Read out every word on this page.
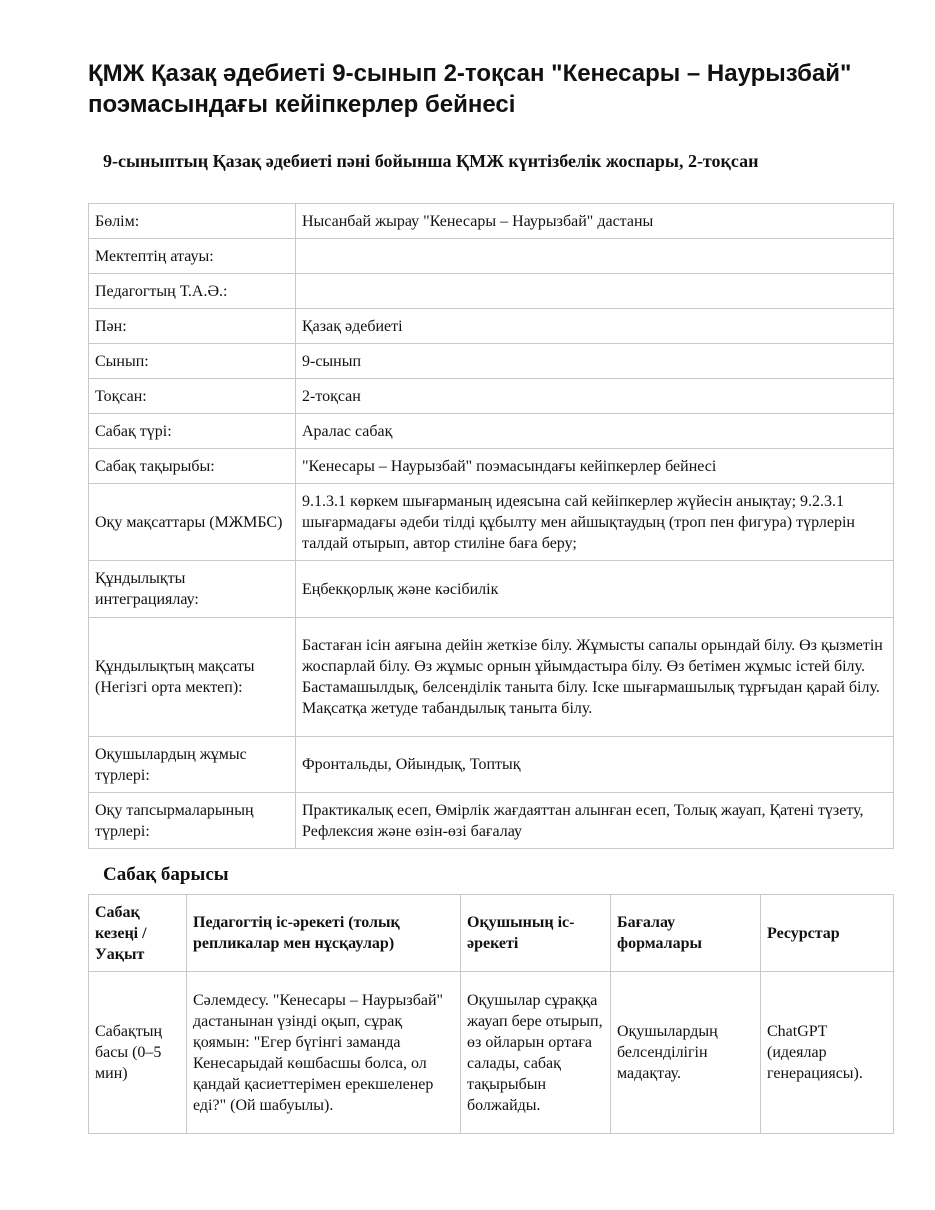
ҚМЖ Қазақ әдебиеті 9-сынып 2-тоқсан "Кенесары – Наурызбай" поэмасындағы кейіпкерлер бейнесі
9-сыныптың Қазақ әдебиеті пәні бойынша ҚМЖ күнтізбелік жоспары, 2-тоқсан
Бөлім:	Нысанбай жырау "Кенесары – Наурызбай" дастаны
Мектептің атауы:	
Педагогтың Т.А.Ә.:	
Пән:	Қазақ әдебиеті
Сынып:	9-сынып
Тоқсан:	2-тоқсан
Сабақ түрі:	Аралас сабақ
Сабақ тақырыбы:	"Кенесары – Наурызбай" поэмасындағы кейіпкерлер бейнесі
Оқу мақсаттары (МЖМБС)	9.1.3.1 көркем шығарманың идеясына сай кейіпкерлер жүйесін анықтау; 9.2.3.1 шығармадағы әдеби тілді құбылту мен айшықтаудың (троп пен фигура) түрлерін талдай отырып, автор стиліне баға беру;
Құндылықты интеграциялау:	Еңбекқорлық және кәсібилік
Құндылықтың мақсаты (Негізгі орта мектеп):	Бастаған ісін аяғына дейін жеткізе білу. Жұмысты сапалы орындай білу. Өз қызметін жоспарлай білу. Өз жұмыс орнын ұйымдастыра білу. Өз бетімен жұмыс істей білу. Бастамашылдық, белсенділік таныта білу. Іске шығармашылық тұрғыдан қарай білу. Мақсатқа жетуде табандылық таныта білу.
Оқушылардың жұмыс түрлері:	Фронтальды, Ойындық, Топтық
Оқу тапсырмаларының түрлері:	Практикалық есеп, Өмірлік жағдаяттан алынған есеп, Толық жауап, Қатені түзету, Рефлексия және өзін-өзі бағалау
Сабақ барысы
Сабақ кезеңі / Уақыт	Педагогтің іс-әрекеті (толық репликалар мен нұсқаулар)	Оқушының іс-әрекеті	Бағалау формалары	Ресурстар
Сабақтың басы (0–5 мин)	Сәлемдесу. "Кенесары – Наурызбай" дастанынан үзінді оқып, сұрақ қоямын: "Егер бүгінгі заманда Кенесарыдай көшбасшы болса, ол қандай қасиеттерімен ерекшеленер еді?" (Ой шабуылы).	Оқушылар сұраққа жауап бере отырып, өз ойларын ортаға салады, сабақ тақырыбын болжайды.	Оқушылардың белсенділігін мадақтау.	ChatGPT (идеялар генерациясы).
